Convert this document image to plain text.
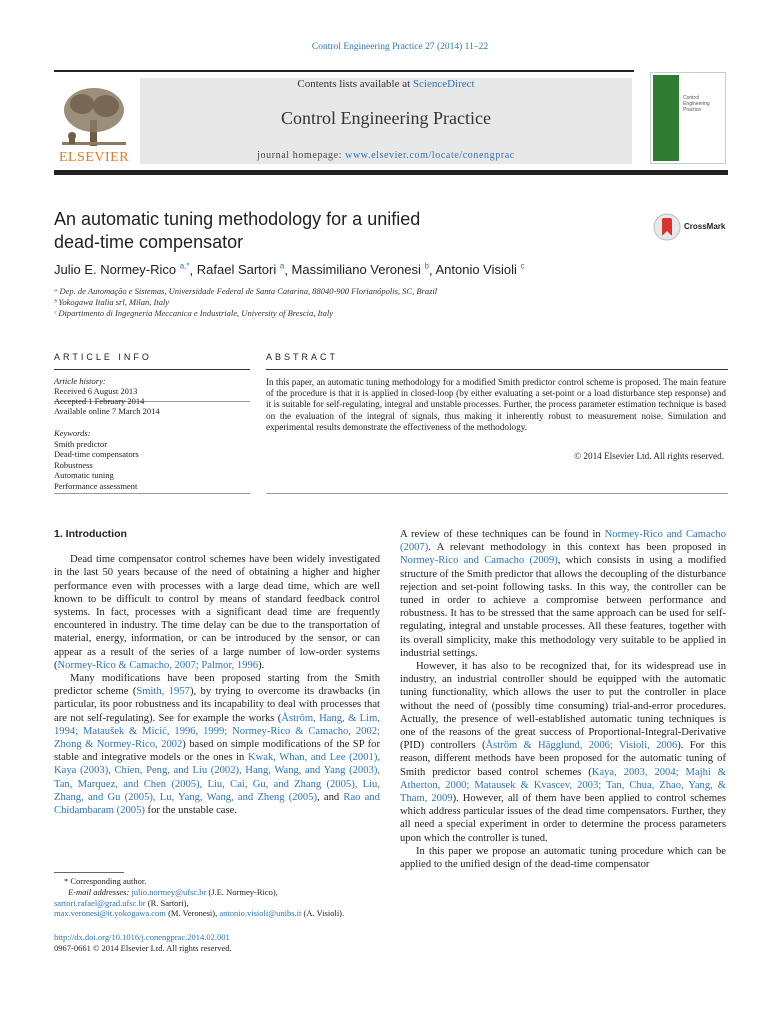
Control Engineering Practice 27 (2014) 11–22
ELSEVIER
Contents lists available at ScienceDirect
Control Engineering Practice
journal homepage: www.elsevier.com/locate/conengprac
Control
Engineering
Practice
An automatic tuning methodology for a unified
dead-time compensator
CrossMark
Julio E. Normey-Rico $^{a,*}$, Rafael Sartori $^a$, Massimiliano Veronesi $^b$, Antonio Visioli $^c$
ᵃ Dep. de Automação e Sistemas, Universidade Federal de Santa Catarina, 88040-900 Florianópolis, SC, Brazil
ᵇ Yokogawa Italia srl, Milan, Italy
ᶜ Dipartimento di Ingegneria Meccanica e Industriale, University of Brescia, Italy
ARTICLE INFO	ABSTRACT
Article history:
Received 6 August 2013
Accepted 1 February 2014
Available online 7 March 2014
Keywords:
Smith predictor
Dead-time compensators
Robustness
Automatic tuning
Performance assessment
In this paper, an automatic tuning methodology for a modified Smith predictor control scheme is proposed. The main feature of the procedure is that it is applied in closed-loop (by either evaluating a set-point or a load disturbance step response) and it is suitable for self-regulating, integral and unstable processes. Further, the process parameter estimation technique is based on the evaluation of the integral of signals, thus making it inherently robust to measurement noise. Simulation and experimental results demonstrate the effectiveness of the methodology.
© 2014 Elsevier Ltd. All rights reserved.
1. Introduction

Dead time compensator control schemes have been widely investigated in the last 50 years because of the need of obtaining a higher and higher performance even with processes with a large dead time, which are well known to be difficult to control by means of standard feedback control systems. In fact, processes with a significant dead time are frequently encountered in industry. The time delay can be due to the transportation of material, energy, information, or can be introduced by the sensor, or can appear as a result of the series of a large number of low-order systems (Normey-Rico & Camacho, 2007; Palmor, 1996).

Many modifications have been proposed starting from the Smith predictor scheme (Smith, 1957), by trying to overcome its drawbacks (in particular, its poor robustness and its incapability to deal with processes that are not self-regulating). See for example the works (Åström, Hang, & Lim, 1994; Mataušek & Micić, 1996, 1999; Normey-Rico & Camacho, 2002; Zhong & Normey-Rico, 2002) based on simple modifications of the SP for stable and integrative models or the ones in Kwak, Whan, and Lee (2001), Kaya (2003), Chien, Peng, and Liu (2002), Hang, Wang, and Yang (2003), Tan, Marquez, and Chen (2005), Liu, Cai, Gu, and Zhang (2005), Liu, Zhang, and Gu (2005), Lu, Yang, Wang, and Zheng (2005), and Rao and Chidambaram (2005) for the unstable case.

A review of these techniques can be found in Normey-Rico and Camacho (2007). A relevant methodology in this context has been proposed in Normey-Rico and Camacho (2009), which consists in using a modified structure of the Smith predictor that allows the decoupling of the disturbance rejection and set-point following tasks. In this way, the controller can be tuned in order to achieve a compromise between performance and robustness. It has to be stressed that the same approach can be used for self-regulating, integral and unstable processes. All these features, together with its overall simplicity, make this methodology very suitable to be applied in industrial settings.

However, it has also to be recognized that, for its widespread use in industry, an industrial controller should be equipped with the automatic tuning functionality, which allows the user to put the controller in place without the need of (possibly time consuming) trial-and-error procedures. Actually, the presence of well-established automatic tuning techniques is one of the reasons of the great success of Proportional-Integral-Derivative (PID) controllers (Åström & Hägglund, 2006; Visioli, 2006). For this reason, different methods have been proposed for the automatic tuning of Smith predictor based control schemes (Kaya, 2003, 2004; Majhi & Atherton, 2000; Matausek & Kvascev, 2003; Tan, Chua, Zhao, Yang, & Tham, 2009). However, all of them have been applied to control schemes which address particular issues of the dead time compensators. Further, they all need a special experiment in order to determine the process parameters upon which the controller is tuned.

In this paper we propose an automatic tuning procedure which can be applied to the unified design of the dead-time compensator

* Corresponding author.
E-mail addresses: julio.normey@ufsc.br (J.E. Normey-Rico),
sartori.rafael@grad.ufsc.br (R. Sartori),
max.veronesi@it.yokogawa.com (M. Veronesi), antonio.visioli@unibs.it (A. Visioli).
http://dx.doi.org/10.1016/j.conengprac.2014.02.001
0967-0661 © 2014 Elsevier Ltd. All rights reserved.
